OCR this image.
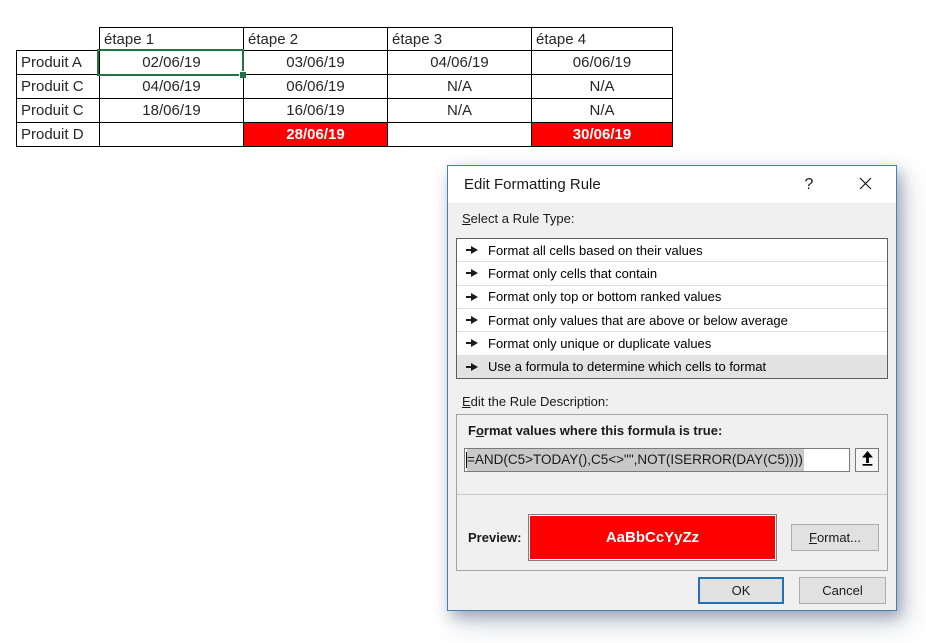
	étape 1	étape 2	étape 3	étape 4
Produit A	02/06/19	03/06/19	04/06/19	06/06/19
Produit C	04/06/19	06/06/19	N/A	N/A
Produit C	18/06/19	16/06/19	N/A	N/A
Produit D		28/06/19		30/06/19
Edit Formatting Rule	?
Select a Rule Type:
Format all cells based on their values
Format only cells that contain
Format only top or bottom ranked values
Format only values that are above or below average
Format only unique or duplicate values
Use a formula to determine which cells to format
Edit the Rule Description:
Format values where this formula is true:
=AND(C5>TODAY(),C5<>"",NOT(ISERROR(DAY(C5))))
Preview:	AaBbCcYyZz	Format...
OK	Cancel
